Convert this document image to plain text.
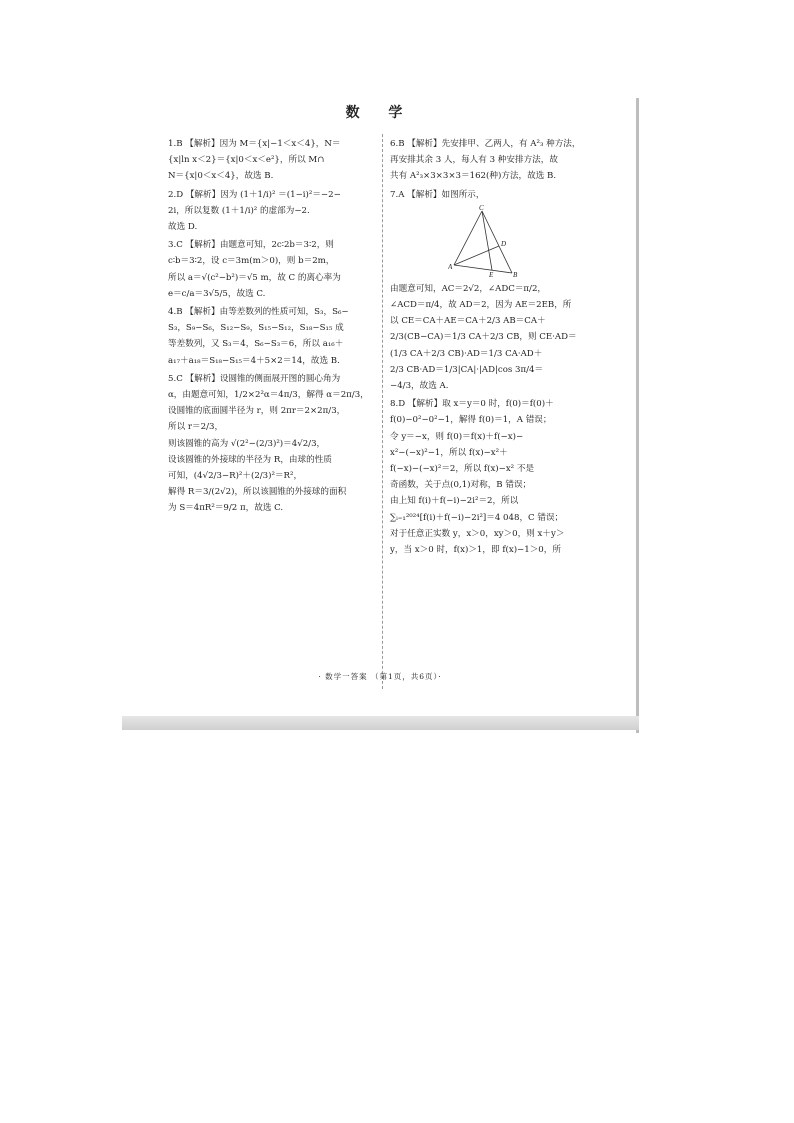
数 学

1.B 【解析】因为 M＝{x|−1＜x＜4}，N＝

{x|ln x＜2}＝{x|0＜x＜e²}，所以 M∩

N＝{x|0＜x＜4}，故选 B.

2.D 【解析】因为 (1＋1/i)² ＝(1−i)²＝−2−

2i，所以复数 (1＋1/i)² 的虚部为−2.

故选 D.

3.C 【解析】由题意可知，2c∶2b＝3∶2，则

c∶b＝3∶2，设 c＝3m(m＞0)，则 b＝2m，

所以 a＝√(c²−b²)＝√5 m，故 C 的离心率为

e＝c/a＝3√5/5，故选 C.

4.B 【解析】由等差数列的性质可知，S₃，S₆−

S₃，S₉−S₆，S₁₂−S₉，S₁₅−S₁₂，S₁₈−S₁₅ 成

等差数列，又 S₃＝4，S₆−S₃＝6，所以 a₁₆＋

a₁₇＋a₁₈＝S₁₈−S₁₅＝4＋5×2＝14，故选 B.

5.C 【解析】设圆锥的侧面展开图的圆心角为

α，由题意可知，1/2×2²α＝4π/3，解得 α＝2π/3，

设圆锥的底面圆半径为 r，则 2πr＝2×2π/3，

所以 r＝2/3，

则该圆锥的高为 √(2²−(2/3)²)＝4√2/3，

设该圆锥的外接球的半径为 R，由球的性质

可知，(4√2/3−R)²＋(2/3)²＝R²，

解得 R＝3/(2√2)，所以该圆锥的外接球的面积

为 S＝4πR²＝9/2 π，故选 C.

6.B 【解析】先安排甲、乙两人，有 A²₃ 种方法，

再安排其余 3 人，每人有 3 种安排方法，故

共有 A²₃×3×3×3＝162(种)方法，故选 B.

7.A 【解析】如图所示，

C
D
A
E	B

由题意可知，AC＝2√2，∠ADC＝π/2，

∠ACD＝π/4，故 AD＝2，因为 AE＝2EB，所

以 CE＝CA＋AE＝CA＋2/3 AB＝CA＋

2/3(CB−CA)＝1/3 CA＋2/3 CB，则 CE·AD＝

(1/3 CA＋2/3 CB)·AD＝1/3 CA·AD＋

2/3 CB·AD＝1/3|CA|·|AD|cos 3π/4＝

−4/3，故选 A.

8.D 【解析】取 x＝y＝0 时，f(0)＝f(0)＋

f(0)−0²−0²−1，解得 f(0)＝1，A 错误；

令 y＝−x，则 f(0)＝f(x)＋f(−x)−

x²−(−x)²−1，所以 f(x)−x²＋

f(−x)−(−x)²＝2，所以 f(x)−x² 不是

奇函数，关于点(0,1)对称，B 错误；

由上知 f(i)＋f(−i)−2i²＝2，所以

∑ᵢ₌₁²⁰²⁴[f(i)＋f(−i)−2i²]＝4 048，C 错误；

对于任意正实数 y，x＞0，xy＞0，则 x＋y＞

y，当 x＞0 时，f(x)＞1，即 f(x)−1＞0，所

· 数学一答案 （第1页，共6页）·
